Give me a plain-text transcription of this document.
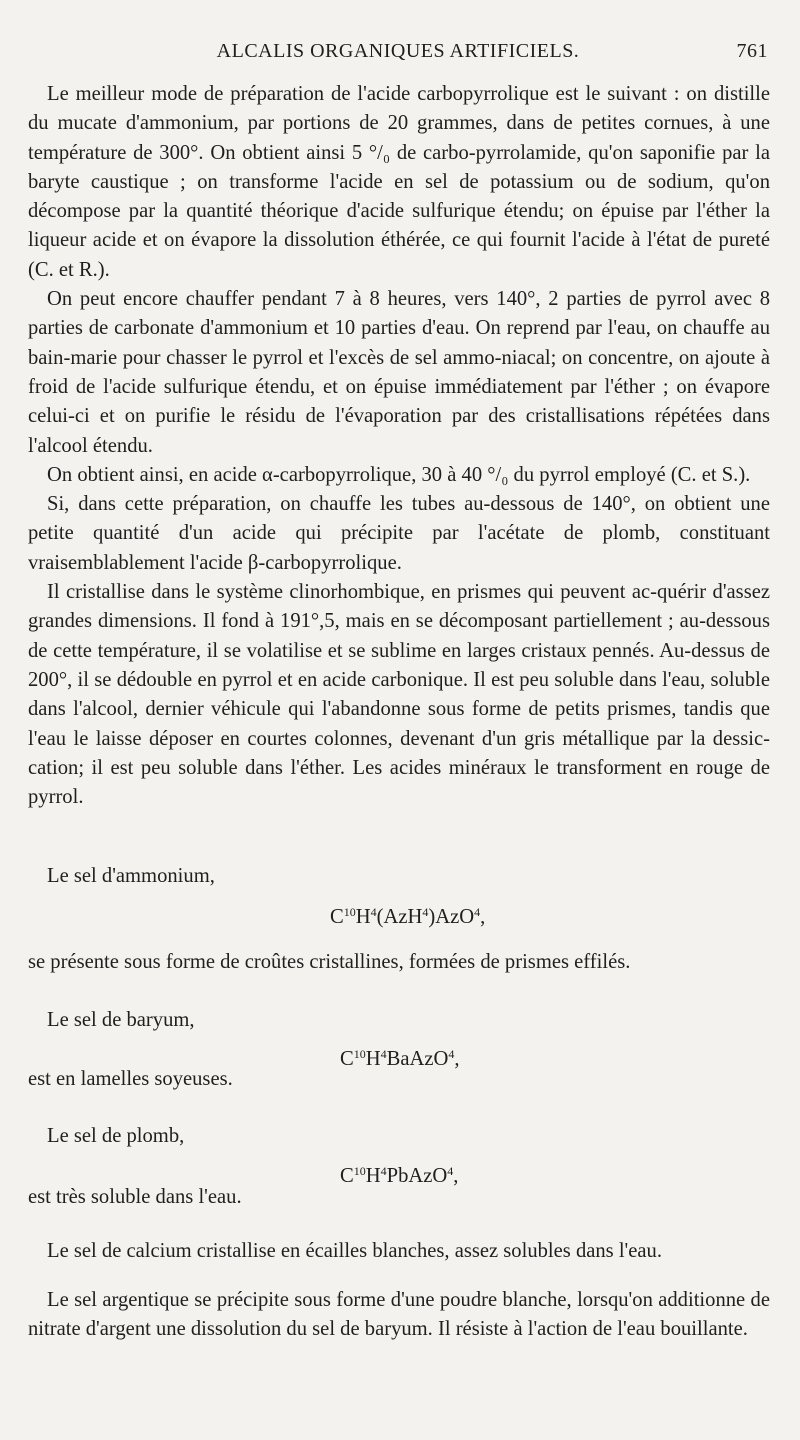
ALCALIS ORGANIQUES ARTIFICIELS.	761

Le meilleur mode de préparation de l'acide carbopyrrolique est le suivant : on distille du mucate d'ammonium, par portions de 20 grammes, dans de petites cornues, à une température de 300°. On obtient ainsi 5 °/₀ de carbo-pyrrolamide, qu'on saponifie par la baryte caustique ; on transforme l'acide en sel de potassium ou de sodium, qu'on décompose par la quantité théorique d'acide sulfurique étendu; on épuise par l'éther la liqueur acide et on évapore la dissolution éthérée, ce qui fournit l'acide à l'état de pureté (C. et R.).

On peut encore chauffer pendant 7 à 8 heures, vers 140°, 2 parties de pyrrol avec 8 parties de carbonate d'ammonium et 10 parties d'eau. On reprend par l'eau, on chauffe au bain-marie pour chasser le pyrrol et l'excès de sel ammo-niacal; on concentre, on ajoute à froid de l'acide sulfurique étendu, et on épuise immédiatement par l'éther ; on évapore celui-ci et on purifie le résidu de l'évaporation par des cristallisations répétées dans l'alcool étendu.

On obtient ainsi, en acide α-carbopyrrolique, 30 à 40 °/₀ du pyrrol employé (C. et S.).

Si, dans cette préparation, on chauffe les tubes au-dessous de 140°, on obtient une petite quantité d'un acide qui précipite par l'acétate de plomb, constituant vraisemblablement l'acide β-carbopyrrolique.

Il cristallise dans le système clinorhombique, en prismes qui peuvent ac-quérir d'assez grandes dimensions. Il fond à 191°,5, mais en se décomposant partiellement ; au-dessous de cette température, il se volatilise et se sublime en larges cristaux pennés. Au-dessus de 200°, il se dédouble en pyrrol et en acide carbonique. Il est peu soluble dans l'eau, soluble dans l'alcool, dernier véhicule qui l'abandonne sous forme de petits prismes, tandis que l'eau le laisse déposer en courtes colonnes, devenant d'un gris métallique par la dessic-cation; il est peu soluble dans l'éther. Les acides minéraux le transforment en rouge de pyrrol.

Le sel d'ammonium,
$C^{10}H^4(AzH^4)AzO^4$,
se présente sous forme de croûtes cristallines, formées de prismes effilés.
Le sel de baryum,
$C^{10}H^4BaAzO^4$,
est en lamelles soyeuses.
Le sel de plomb,
$C^{10}H^4PbAzO^4$,
est très soluble dans l'eau.
Le sel de calcium cristallise en écailles blanches, assez solubles dans l'eau.

Le sel argentique se précipite sous forme d'une poudre blanche, lorsqu'on additionne de nitrate d'argent une dissolution du sel de baryum. Il résiste à l'action de l'eau bouillante.
